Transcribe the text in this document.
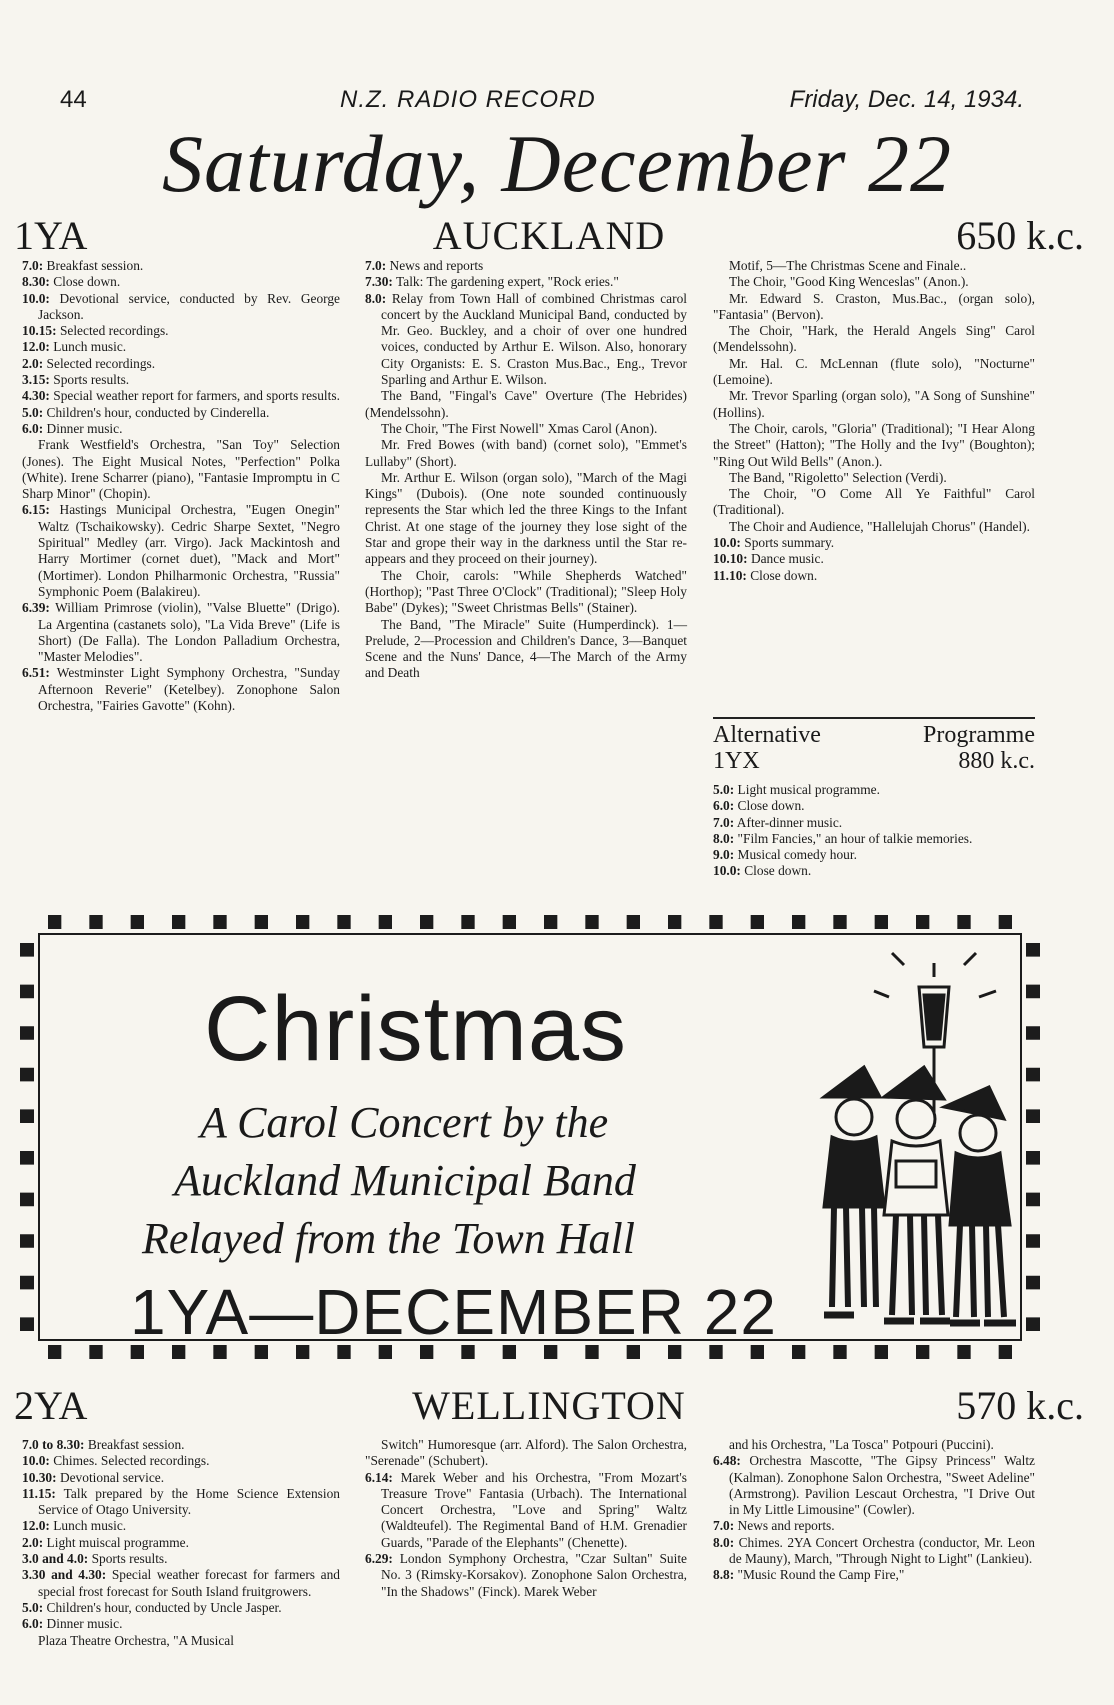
44	N.Z. RADIO RECORD	Friday, Dec. 14, 1934.
Saturday, December 22
1YA	AUCKLAND	650 k.c.

7.0: Breakfast session.

8.30: Close down.

10.0: Devotional service, conducted by Rev. George Jackson.

10.15: Selected recordings.

12.0: Lunch music.

2.0: Selected recordings.

3.15: Sports results.

4.30: Special weather report for farmers, and sports results.

5.0: Children's hour, conducted by Cinderella.

6.0: Dinner music.

Frank Westfield's Orchestra, "San Toy" Selection (Jones). The Eight Musical Notes, "Perfection" Polka (White). Irene Scharrer (piano), "Fantasie Impromptu in C Sharp Minor" (Chopin).

6.15: Hastings Municipal Orchestra, "Eugen Onegin" Waltz (Tschaikowsky). Cedric Sharpe Sextet, "Negro Spiritual" Medley (arr. Virgo). Jack Mackintosh and Harry Mortimer (cornet duet), "Mack and Mort" (Mortimer). London Philharmonic Orchestra, "Russia" Symphonic Poem (Balakireu).

6.39: William Primrose (violin), "Valse Bluette" (Drigo). La Argentina (castanets solo), "La Vida Breve" (Life is Short) (De Falla). The London Palladium Orchestra, "Master Melodies".

6.51: Westminster Light Symphony Orchestra, "Sunday Afternoon Reverie" (Ketelbey). Zonophone Salon Orchestra, "Fairies Gavotte" (Kohn).

7.0: News and reports

7.30: Talk: The gardening expert, "Rock eries."

8.0: Relay from Town Hall of combined Christmas carol concert by the Auckland Municipal Band, conducted by Mr. Geo. Buckley, and a choir of over one hundred voices, conducted by Arthur E. Wilson. Also, honorary City Organists: E. S. Craston Mus.Bac., Eng., Trevor Sparling and Arthur E. Wilson.

The Band, "Fingal's Cave" Overture (The Hebrides) (Mendelssohn).

The Choir, "The First Nowell" Xmas Carol (Anon).

Mr. Fred Bowes (with band) (cornet solo), "Emmet's Lullaby" (Short).

Mr. Arthur E. Wilson (organ solo), "March of the Magi Kings" (Dubois). (One note sounded continuously represents the Star which led the three Kings to the Infant Christ. At one stage of the journey they lose sight of the Star and grope their way in the darkness until the Star re-appears and they proceed on their journey).

The Choir, carols: "While Shepherds Watched" (Horthop); "Past Three O'Clock" (Traditional); "Sleep Holy Babe" (Dykes); "Sweet Christmas Bells" (Stainer).

The Band, "The Miracle" Suite (Humperdinck). 1—Prelude, 2—Procession and Children's Dance, 3—Banquet Scene and the Nuns' Dance, 4—The March of the Army and Death

Motif, 5—The Christmas Scene and Finale..

The Choir, "Good King Wenceslas" (Anon.).

Mr. Edward S. Craston, Mus.Bac., (organ solo), "Fantasia" (Bervon).

The Choir, "Hark, the Herald Angels Sing" Carol (Mendelssohn).

Mr. Hal. C. McLennan (flute solo), "Nocturne" (Lemoine).

Mr. Trevor Sparling (organ solo), "A Song of Sunshine" (Hollins).

The Choir, carols, "Gloria" (Traditional); "I Hear Along the Street" (Hatton); "The Holly and the Ivy" (Boughton); "Ring Out Wild Bells" (Anon.).

The Band, "Rigoletto" Selection (Verdi).

The Choir, "O Come All Ye Faithful" Carol (Traditional).

The Choir and Audience, "Hallelujah Chorus" (Handel).

10.0: Sports summary.

10.10: Dance music.

11.10: Close down.

Alternative	Programme
1YX	880 k.c.

5.0: Light musical programme.

6.0: Close down.

7.0: After-dinner music.

8.0: "Film Fancies," an hour of talkie memories.

9.0: Musical comedy hour.

10.0: Close down.

Christmas
A Carol Concert by the
Auckland Municipal Band
Relayed from the Town Hall
1YA—DECEMBER 22
2YA	WELLINGTON	570 k.c.

7.0 to 8.30: Breakfast session.

10.0: Chimes. Selected recordings.

10.30: Devotional service.

11.15: Talk prepared by the Home Science Extension Service of Otago University.

12.0: Lunch music.

2.0: Light muiscal programme.

3.0 and 4.0: Sports results.

3.30 and 4.30: Special weather forecast for farmers and special frost forecast for South Island fruitgrowers.

5.0: Children's hour, conducted by Uncle Jasper.

6.0: Dinner music.

Plaza Theatre Orchestra, "A Musical

Switch" Humoresque (arr. Alford). The Salon Orchestra, "Serenade" (Schubert).

6.14: Marek Weber and his Orchestra, "From Mozart's Treasure Trove" Fantasia (Urbach). The International Concert Orchestra, "Love and Spring" Waltz (Waldteufel). The Regimental Band of H.M. Grenadier Guards, "Parade of the Elephants" (Chenette).

6.29: London Symphony Orchestra, "Czar Sultan" Suite No. 3 (Rimsky-Korsakov). Zonophone Salon Orchestra, "In the Shadows" (Finck). Marek Weber

and his Orchestra, "La Tosca" Potpouri (Puccini).

6.48: Orchestra Mascotte, "The Gipsy Princess" Waltz (Kalman). Zonophone Salon Orchestra, "Sweet Adeline" (Armstrong). Pavilion Lescaut Orchestra, "I Drive Out in My Little Limousine" (Cowler).

7.0: News and reports.

8.0: Chimes. 2YA Concert Orchestra (conductor, Mr. Leon de Mauny), March, "Through Night to Light" (Lankieu).

8.8: "Music Round the Camp Fire,"
